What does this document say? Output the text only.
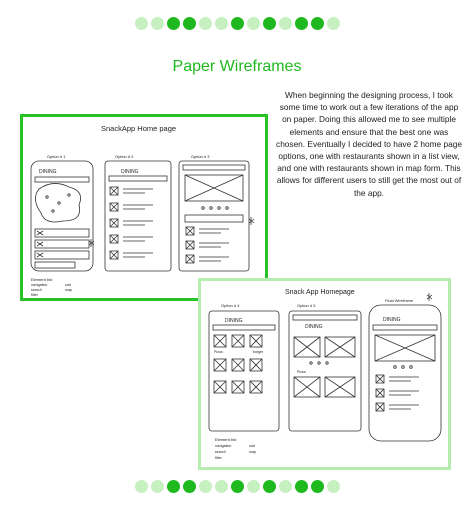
Paper Wireframes
When beginning the designing process, I took some time to work out a few iterations of the app on paper. Doing this allowed me to see multiple elements and ensure that the best one was chosen. Eventually I decided to have 2 home page options, one with restaurants shown in a list view, and one with restaurants shown in map form. This allows for different users to still get the most out of the app.
SnackApp Home page
Option # 1
DINING
Option # 2
DINING
Option # 3
Element list:
navigation
search
filter
cart
map	Snack App Homepage
Final Wireframe
Option # 4
DINING
Pizza	burger
Option # 5
DINING
Pizza
DINING
Element list:
navigation
search
filter
cart
map
